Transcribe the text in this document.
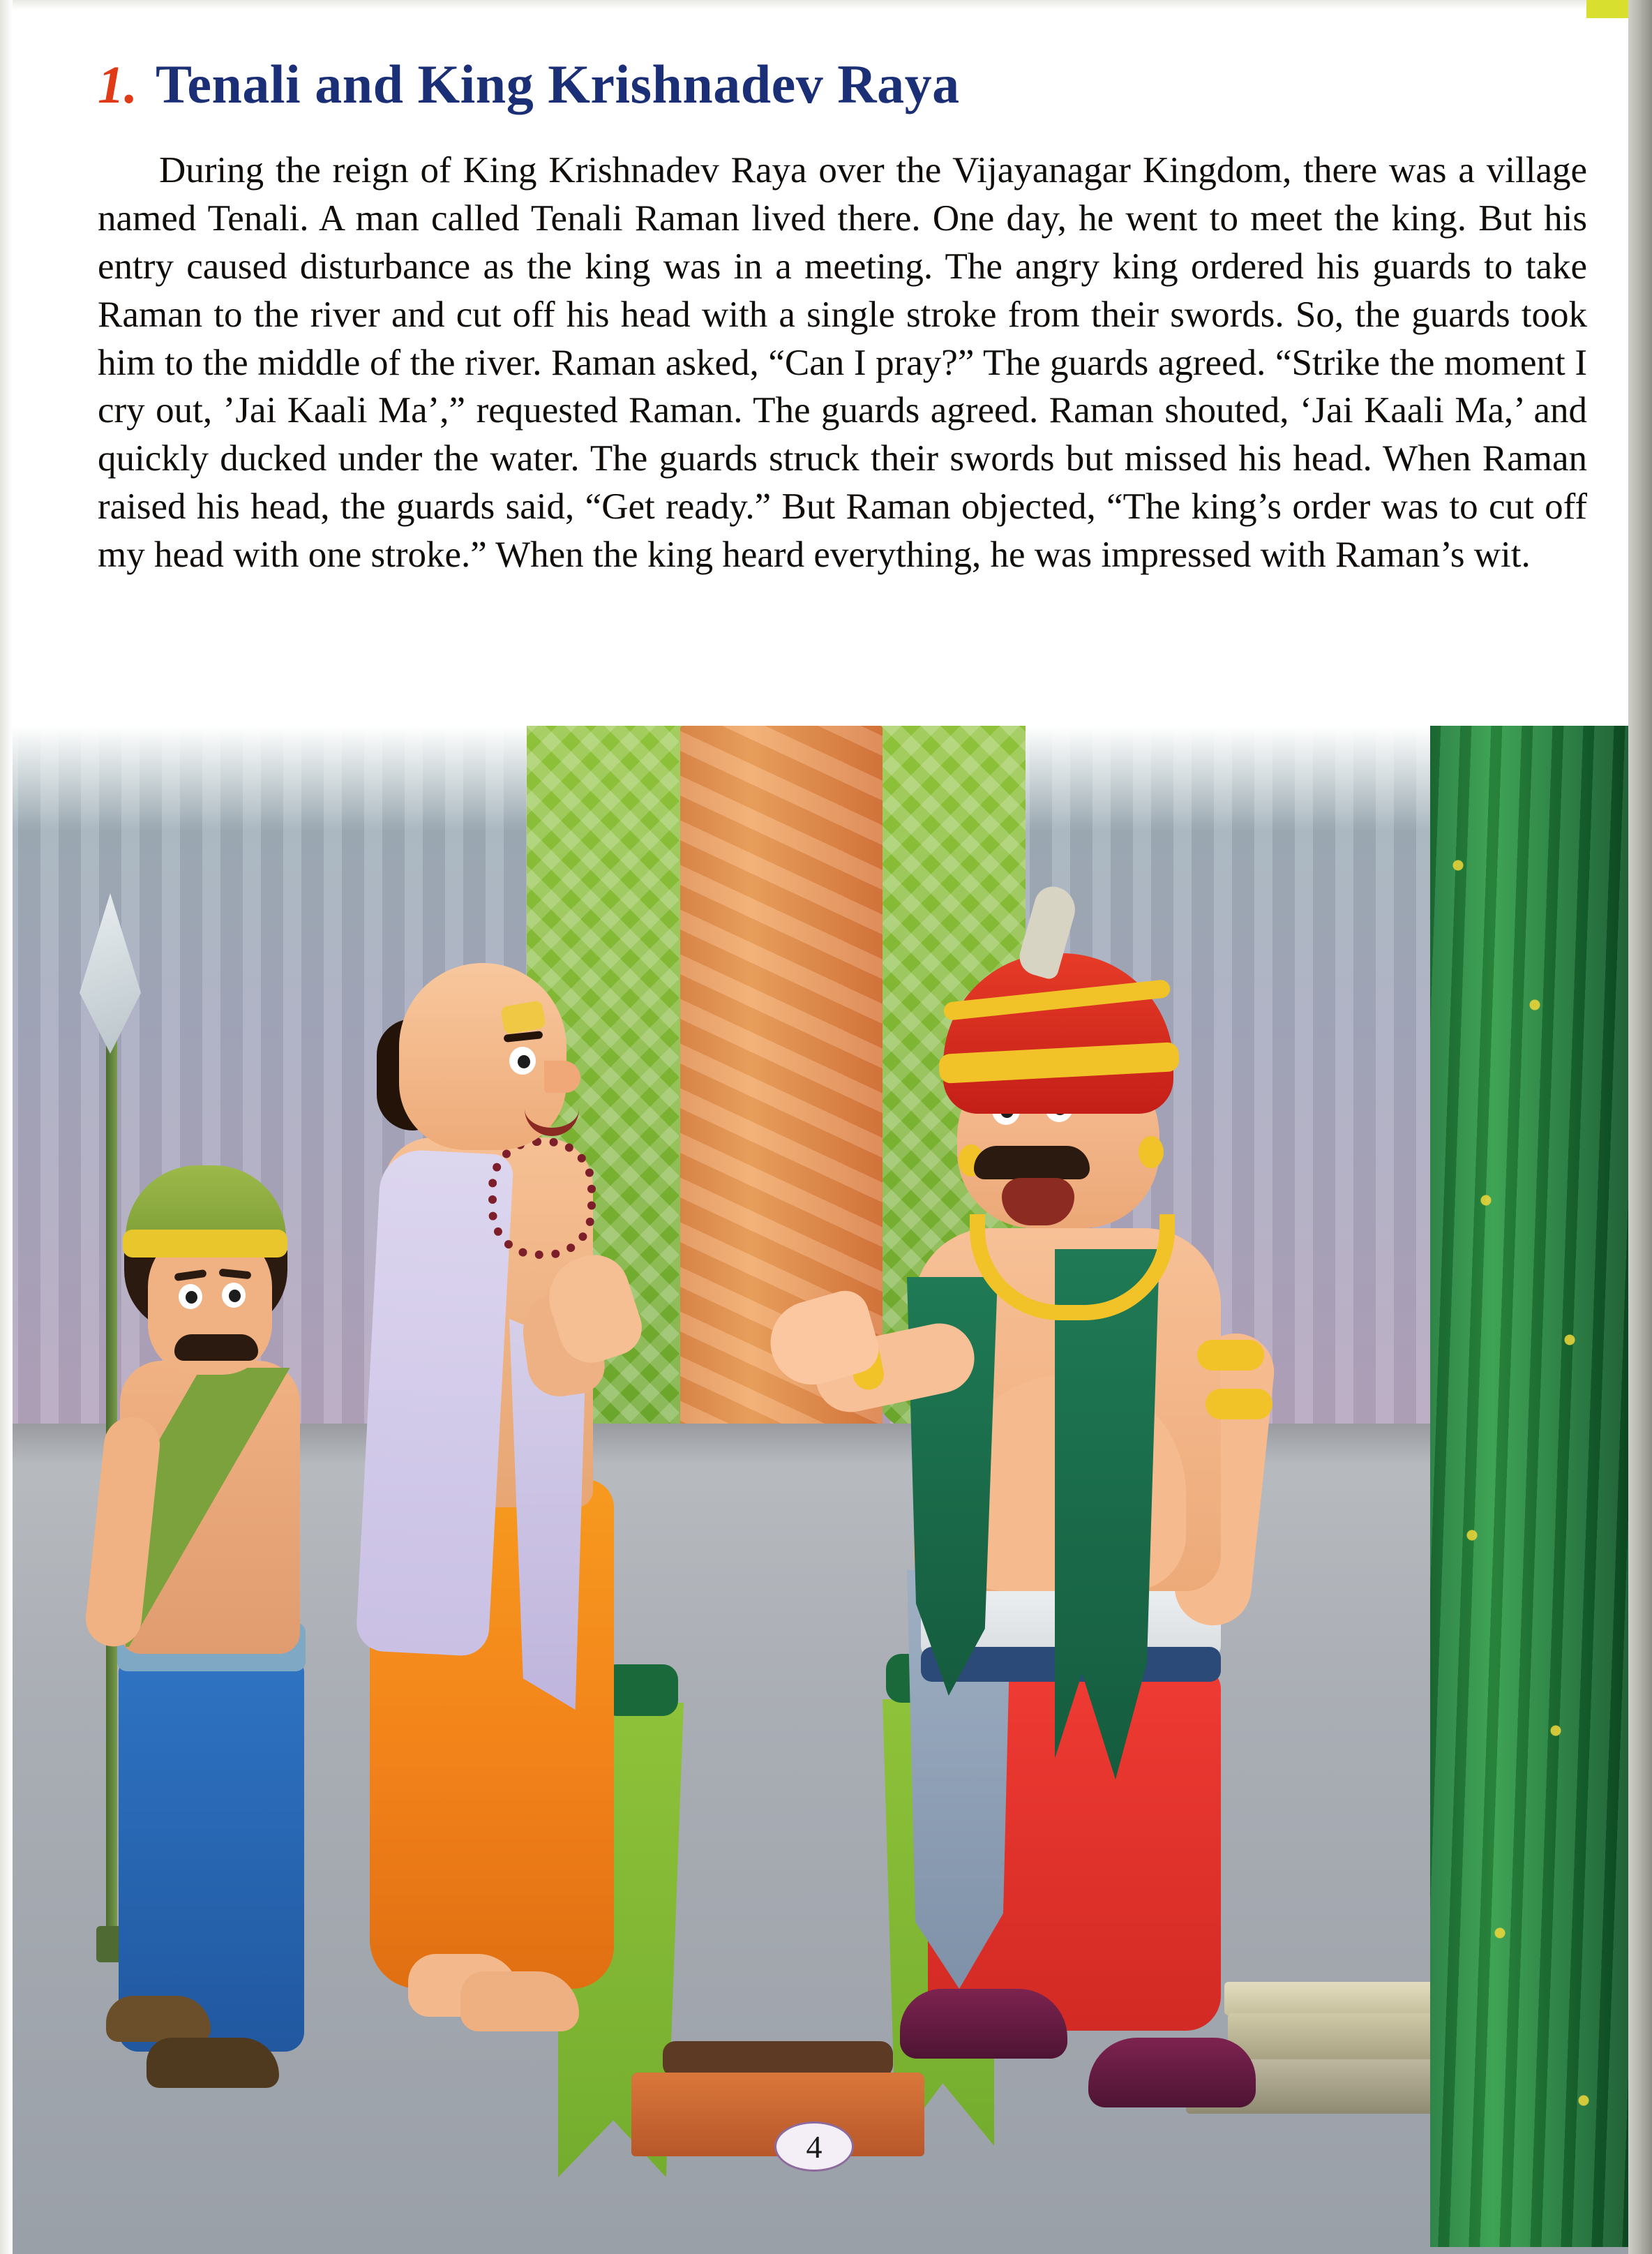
1. Tenali and King Krishnadev Raya
During the reign of King Krishnadev Raya over the Vijayanagar Kingdom, there was a village named Tenali. A man called Tenali Raman lived there. One day, he went to meet the king. But his entry caused disturbance as the king was in a meeting. The angry king ordered his guards to take Raman to the river and cut off his head with a single stroke from their swords. So, the guards took him to the middle of the river. Raman asked, “Can I pray?” The guards agreed. “Strike the moment I cry out, ’Jai Kaali Ma’,” requested Raman. The guards agreed. Raman shouted, ‘Jai Kaali Ma,’ and quickly ducked under the water. The guards struck their swords but missed his head. When Raman raised his head, the guards said, “Get ready.” But Raman objected, “The king’s order was to cut off my head with one stroke.” When the king heard everything, he was impressed with Raman’s wit.
4
